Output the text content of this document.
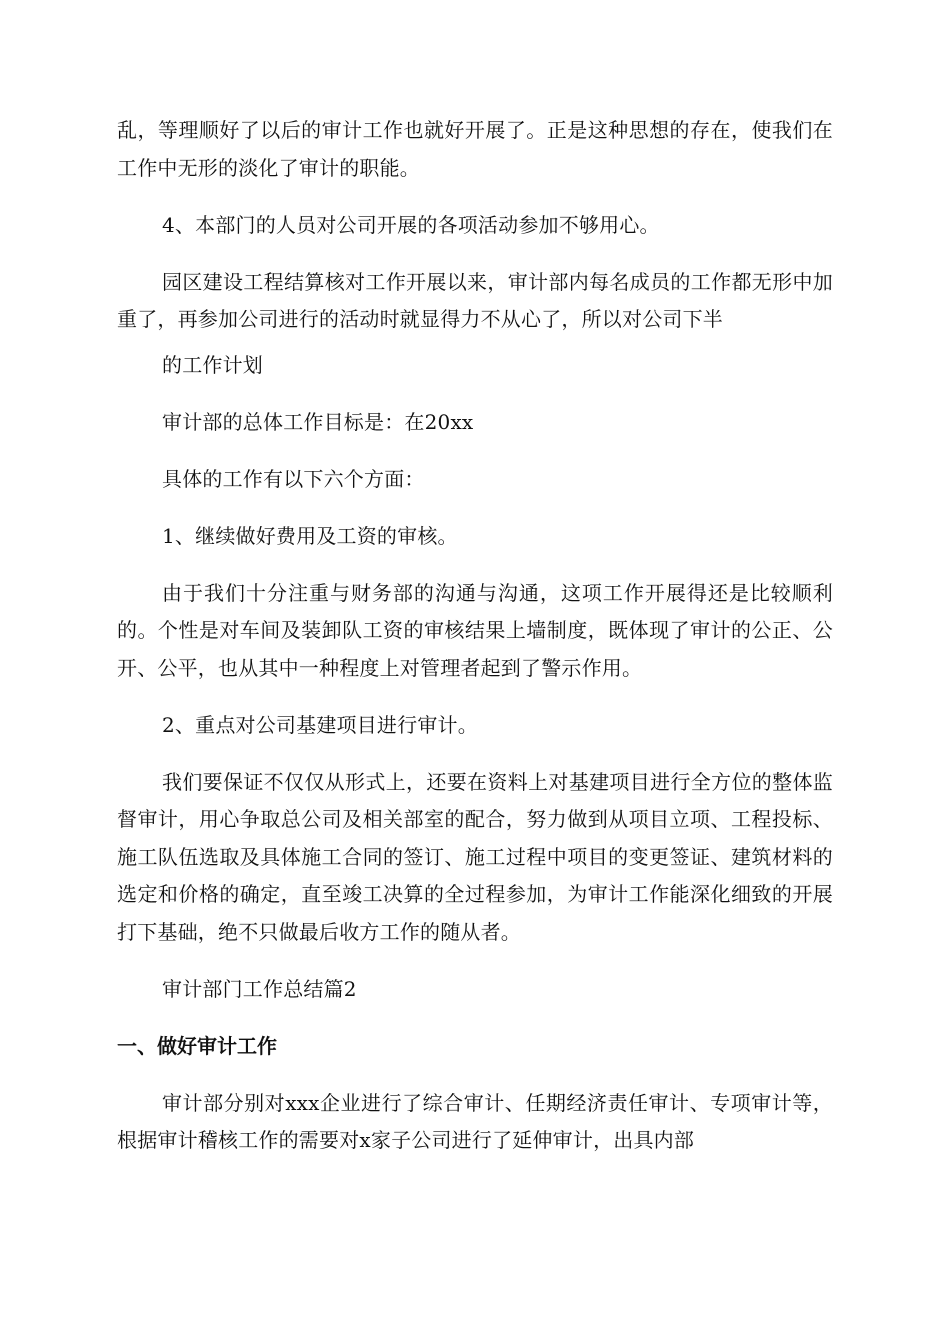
乱，等理顺好了以后的审计工作也就好开展了。正是这种思想的存在，使我们在工作中无形的淡化了审计的职能。

4、本部门的人员对公司开展的各项活动参加不够用心。

园区建设工程结算核对工作开展以来，审计部内每名成员的工作都无形中加重了，再参加公司进行的活动时就显得力不从心了，所以对公司下半

的工作计划

审计部的总体工作目标是：在20xx

具体的工作有以下六个方面：

1、继续做好费用及工资的审核。

由于我们十分注重与财务部的沟通与沟通，这项工作开展得还是比较顺利的。个性是对车间及装卸队工资的审核结果上墙制度，既体现了审计的公正、公开、公平，也从其中一种程度上对管理者起到了警示作用。

2、重点对公司基建项目进行审计。

我们要保证不仅仅从形式上，还要在资料上对基建项目进行全方位的整体监督审计，用心争取总公司及相关部室的配合，努力做到从项目立项、工程投标、施工队伍选取及具体施工合同的签订、施工过程中项目的变更签证、建筑材料的选定和价格的确定，直至竣工决算的全过程参加，为审计工作能深化细致的开展打下基础，绝不只做最后收方工作的随从者。

审计部门工作总结篇2

一、做好审计工作

审计部分别对xxx企业进行了综合审计、任期经济责任审计、专项审计等，根据审计稽核工作的需要对x家子公司进行了延伸审计，出具内部
